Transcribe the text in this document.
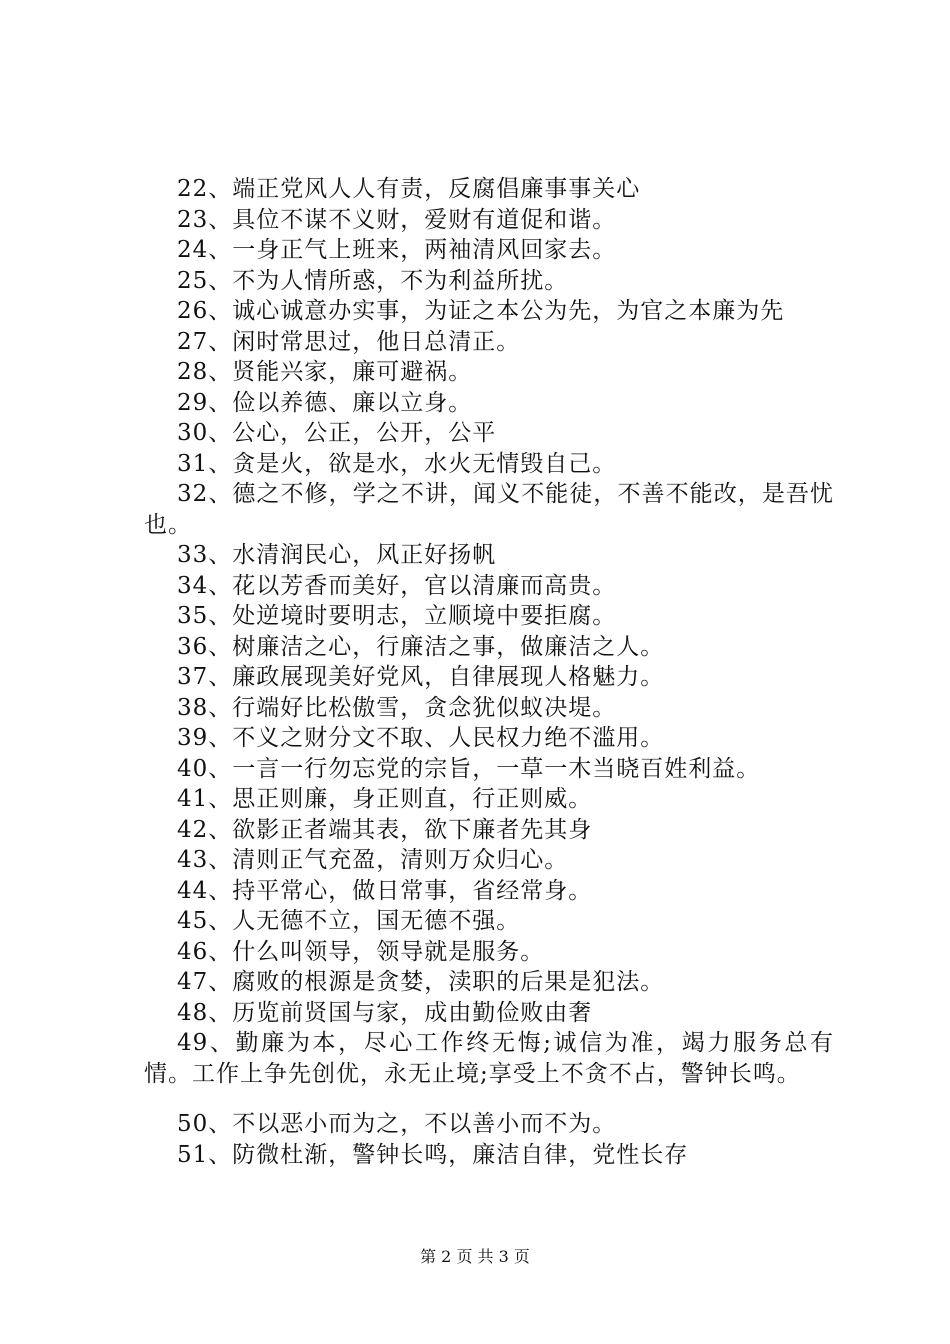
22、端正党风人人有责，反腐倡廉事事关心
23、具位不谋不义财，爱财有道促和谐。
24、一身正气上班来，两袖清风回家去。
25、不为人情所惑，不为利益所扰。
26、诚心诚意办实事，为证之本公为先，为官之本廉为先
27、闲时常思过，他日总清正。
28、贤能兴家，廉可避祸。
29、俭以养德、廉以立身。
30、公心，公正，公开，公平
31、贪是火，欲是水，水火无情毁自己。
32、德之不修，学之不讲，闻义不能徒，不善不能改，是吾忧也。
33、水清润民心，风正好扬帆
34、花以芳香而美好，官以清廉而高贵。
35、处逆境时要明志，立顺境中要拒腐。
36、树廉洁之心，行廉洁之事，做廉洁之人。
37、廉政展现美好党风，自律展现人格魅力。
38、行端好比松傲雪，贪念犹似蚁决堤。
39、不义之财分文不取、人民权力绝不滥用。
40、一言一行勿忘党的宗旨，一草一木当晓百姓利益。
41、思正则廉，身正则直，行正则威。
42、欲影正者端其表，欲下廉者先其身
43、清则正气充盈，清则万众归心。
44、持平常心，做日常事，省经常身。
45、人无德不立，国无德不强。
46、什么叫领导，领导就是服务。
47、腐败的根源是贪婪，渎职的后果是犯法。
48、历览前贤国与家，成由勤俭败由奢
49、勤廉为本，尽心工作终无悔;诚信为准，竭力服务总有情。工作上争先创优，永无止境;享受上不贪不占，警钟长鸣。
50、不以恶小而为之，不以善小而不为。
51、防微杜渐，警钟长鸣，廉洁自律，党性长存
第 2 页 共 3 页
